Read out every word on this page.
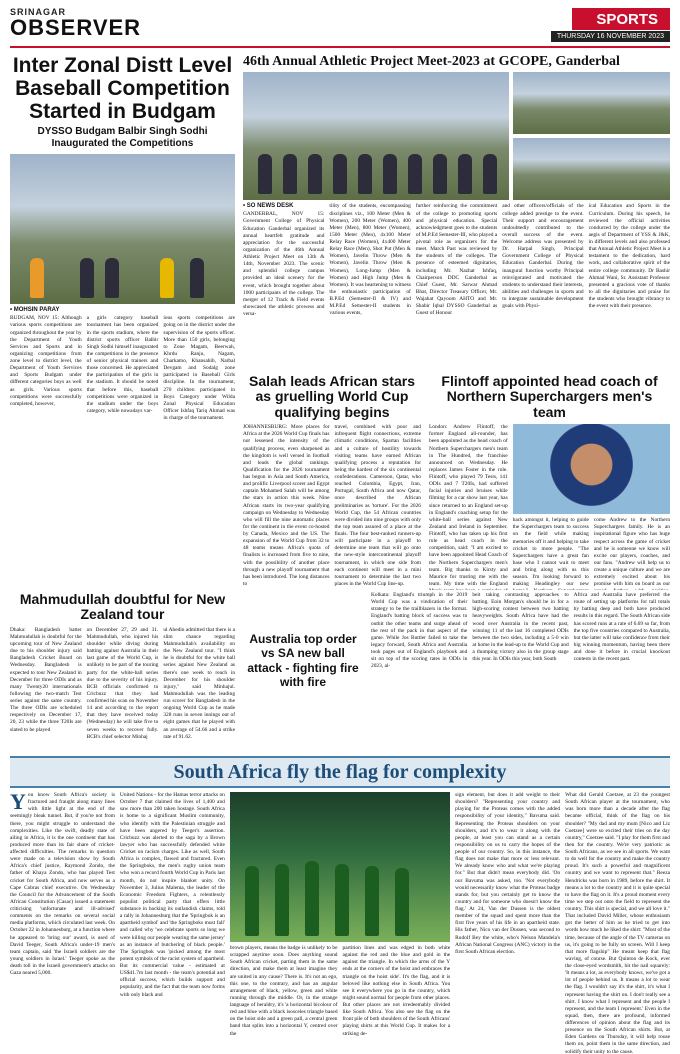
SRINAGAR
OBSERVER	SPORTS
THURSDAY 16 NOVEMBER 2023
Inter Zonal Distt Level Baseball Competition Started in Budgam
DYSSO Budgam Balbir Singh Sodhi Inaugurated the Competitions
• MOHSIN PARAY
BUDGAM, NOV 15: Although various sports competitions are organized throughout the year by the Department of Youth Services and Sports and in organizing competitions from zone level to district level, the Department of Youth Services and Sports Budgam under different categories boys as well as girls. Various sports competitions were successfully completed, however,
a girls category baseball tournament has been organized in the sports stadium, where the district sports officer Balbir Singh Sodhi himself inaugurated the competitions in the presence of senior physical trainers and those concerned. He appreciated the participation of the girls in the stadium. It should be noted that before this, baseball competitions were organized in the stadium under the boys category, while nowadays var-
ious sports competitions are going on in the district under the supervision of the sports officer. More than 150 girls, belonging to Zone Magam, Beerwah, Khrdu Ranju, Nagam, Charkamo, Khansahib, Narbal Devgam and Sodalg zone participated in Baseball Girls discipline. In the tournament, 270 children participated in Boys Category under Wilda Zonal Physical Education Officer Ishfaq Tariq Ahmad was in charge of the tournament.
46th Annual Athletic Project Meet-2023 at GCOPE, Ganderbal
• SO NEWS DESK
GANDERBAL, NOV 15: Government College of Physical Education Ganderbal organized its annual heartfelt gratitude and appreciation for the successful organization of the 46th Annual Athletic Project Meet on 13th & 14th, November 2023. The scenic and splendid college campus provided an ideal scenery for the event, which brought together about 1000 participants of the college. The merger of 12 Track & Field events showcased the athletic prowess and versa-
tility of the students, encompassing disciplines viz., 100 Meter (Men & Women), 200 Meter (Women), 400 Meter (Men), 800 Meter (Women), 1500 Meter (Men), 4x100 Meter Relay Race (Women), 4x400 Meter Relay Race (Men), Shot Put (Men & Women), Javelin Throw (Men & Women), Javelin Throw (Men & Women), Long-Jump (Men & Women) and High Jump (Men & Women). It was heartening to witness the enthusiastic participation of B.P.Ed (Semester-II & IV) and M.P.Ed Semester-II students in various events,
further reinforcing the commitment of the college to promoting sports and physical education. Special acknowledgment goes to the students of M.P.Ed Semester-III, who played a pivotal role as organizers for the meet. March Past was reviewed by the students of the colleges. The presence of esteemed dignitaries, including Mr. Nazhat Ishfaq, Chairperson DDC Ganderbal as Chief Guest, Mr. Sarwar Ahmad Bhat, Director Treasury Officer, Mr. Wajahat Qayoom AHTO and Mr. Shabir Iqbal DYSSO Ganderbal as Guest of Honour
and other officers/officials of the college added prestige to the event. Their support and encouragement undoubtedly contributed to the overall success of the event. Welcome address was presented by Dr. Harpal Singh, Principal Government College of Physical Education Ganderbal. During the inaugural function worthy Principal reinvigorated and motivated the students to understand their interests, abilities and challenges in sports and to integrate sustainable development goals with Physi-
ical Education and Sports in the Curriculum. During his speech, he reviewed the official activities conducted by the college under the aegis of Department of YSS & J&K, in different levels and also professed that Annual Athletic Project Meet is a testament to the dedication, hard work, and collaborative spirit of the entire college community. Dr Bashir Ahmad Wani, Sr. Assistant Professor presented a gracious vote of thanks to all the dignitaries and praise for the students who brought vibrancy to the event with their presence.
Salah leads African stars as gruelling World Cup qualifying begins
JOHANNESBURG: More places for Africa at the 2026 World Cup finals has not lessened the intensity of the qualifying process, even sharpened as the kingdom is well versed in football and leads the global rankings. Qualification for the 2026 tournament has begun in Asia and South America, and prolific Liverpool scorer and Egypt captain Mohamed Salah will be among the stars in action this week. Nine African starts its two-year qualifying campaign on Wednesday to Wednesday who will fill the nine automatic places for the continent in the event co-hosted by Canada, Mexico and the US. The expansion of the World Cup from 32 to 48 teams means Africa's quota of finalists is increased from five to nine, with the possibility of another place through a new playoff tournament that has been introduced. The long distances to
travel, combined with poor and infrequent flight connections, extreme climatic conditions, Spartan facilities and a culture of hostility towards visiting teams have earned African qualifying process a reputation for being the hardest of the six continental confederations. Cameroon, Qatar, who reached Colombia, Egypt, Iran, Portugal, South Africa and now Qatar, once described the African preliminaries as 'torture'. For the 2026 World Cup, the 54 African countries were divided into nine groups with only the top team assured of a place at the finals. The four best-ranked runners-up will participate in a playoff to determine one team that will go onto the new-style intercontinental playoff tournament, in which one side from each continent will meet in a mini tournament to determine the last two places in the World Cup line-up.
Flintoff appointed head coach of Northern Superchargers men's team
London: Andrew Flintoff, the former England all-rounder, has been appointed as the head coach of Northern Superchargers men's team in The Hundred, the franchise announced on Wednesday. He replaces James Foster in the role. Flintoff, who played 79 Tests, 141 ODIs and 7 T20Is, had suffered facial injuries and bruises while filming for a car show last year, has since returned to an England set-up in England's coaching setup for the white-ball series against New Zealand and Ireland in September. Flintoff, who has taken up his first role as head coach in the competition, said: "I am excited to have been appointed Head Coach of the Northern Superchargers men's team. Big thanks to Kirsty and Maurice for trusting me with the team. My time with the England
back amongst it, helping to guide the Superchargers team to success on the field while making memories off it and helping to take cricket to more people. "The Superchargers have a great fan base who I cannot wait to meet and bring along with us this season. I'm looking forward to making Headingley our new
come Andrew to the Northern Superchargers family. He is an inspirational figure who has huge respect across the game of cricket and he is someone we know will excite our players, coaches, and our fans. "Andrew will help us to create a unique culture and we are extremely excited about his promise with him on board as our
Mahmudullah doubtful for New Zealand tour
Dhaka: Bangladesh batter Mahmudullah is doubtful for the upcoming tour of New Zealand due to his shoulder injury said Bangladesh Cricket Board on Wednesday. Bangladesh is expected to tour New Zealand in December for three ODIs and as many Twenty20 internationals following the two-match Test series against the same country. The three ODIs are scheduled respectively on December 17, 20, 23 while the three T20Is are slated to be played
on December 27, 29 and 31. Mahmudullah, who injured his shoulder while diving during batting against Australia in their last game of the World Cup, is unlikely to be part of the touring party for the white-ball series due to the severity of his injury. BCB officials confirmed to Cricbuzz that they had confirmed his scan on November 14 and according to the report that they have received today (Wednesday) he will take five to seven weeks to recover fully. BCB's chief selector Minhaj
ul Abedin admitted that there is a slim chance regarding Mahmudullah's availability on the New Zealand tour. "I think he is doubtful for the white ball series against New Zealand as there's one week to reach in December for his shoulder injury," said Minhajul. Mahmudullah was the leading run scorer for Bangladesh in the ongoing World Cup as he made 328 runs in seven innings out of eight games that he played with an average of 54.66 and a strike rate of 91.62.
Australia top order vs SA new ball attack - fighting fire with fire
Kolkata: England's triumph in the 2019 World Cup was a vindication of their strategy to be the trailblazers in the format. England's batting block of success was to outhit the other teams and surge ahead of the rest of the pack in that aspect of the game. While Jos Buttler failed to take the legacy forward, South Africa and Australia took pages out of England's playbook and sit on top of the scoring rates in ODIs in 2023, al-
beit taking contrasting approaches to batting. Eoin Morgan's should be in for a high-scoring contest between two batting heavyweights. South Africa have had the wood over Australia in the recent past, winning 11 of the last 16 completed ODIs between the two sides, including a 5-0 win at home in the lead-up to the World Cup and a thumping victory also in the group stage this year. In ODIs this year, both South
Africa and Australia have preferred the route of setting up platforms for tall totals by batting deep and both have produced results in this regard. The South African side has scored runs at a rate of 6.69 so far, from the top five countries compared to Australia, but the latter will take confidence from their big winning momentum, having been there and done it before in crucial knockout contests in the recent past.
South Africa fly the flag for complexity
Y ou know South Africa's society is fractured and fraught along many lines with little light at the end of the seemingly bleak tunnel. But, if you're not from there, you might struggle to understand the complexities. Like the swift, deadly state of ailing in Africa, it is the one continent that has produced more than its fair share of cricket-affected difficulties. The remarks in question were made on a television show by South Africa's chief justice, Raymond Zondo, the father of Khaya Zondo, who has played Test cricket for South Africa, and now serves as a Cape Cobras chief executive. On Wednesday the Council for the Advancement of the South African Constitution (Casac) issued a statement criticising 'unfortunate and ill-advised' comments on the remarks on several social media platforms, which circulated last week. On October 22 in Johannesburg, at a function where he appeared to 'bring our' award, is used of David Teeger, South Africa's under-19 men's team captain, said 'the Israeli soldiers are the young soldiers in Israel.' Teeger spoke as the death toll in the Israeli government's attacks on Gaza neared 5,000.
United Nations - for the Hamas terror attacks on October 7 that claimed the lives of 1,400 and saw more than 200 taken hostage. South Africa is home to a significant Muslim community, who identify with the Palestinian struggle and have been angered by Teeger's assertion. Cricbuzz was alerted to the saga by a Brown lawyer who has successfully defended white Cricket on racism charges. Like as well, South Africa is complex, flawed and fractured. Even the Springboks, the men's rugby union team who won a record fourth World Cup in Paris last month, do not inspire blanket unity. On November 3, Julius Malema, the leader of the Economic Freedom Fighters, a relentlessly populist political party that offers little substance in backing its outlandish claims, told a rally in Johannesburg that the 'Springbok is an apartheid symbol' and 'the Springboks must fall' and called why 'we celebrate sports so long we were killing our people wearing the same jersey' as an instance of butchering of black people.' The Springbok was 'picked among the most potent symbols of the racist system of apartheid. But its commercial value - estimated at US$41.7m last month - the team's potential and official success, which builds support and popularity, and the fact that the team now forms with only black and
brown players, means the badge is unlikely to be scrapped anytime soon. Does anything sound South African cricket, parting them in the same direction, and make them at least imagine they are united in any cause? There is. It's not an ego, this one, to the contrary, and has an angular arrangement of black, yellow, green and white running through the middle. Or, in the strange language of heraldry, it's 'a horizontal bicolour of red and blue with a black isosceles triangle based on the hoist side and a green pall, a central green band that splits into a horizontal Y, centred over the
partition lines and was edged in both white against the red and the blue and gold in the against the triangle. In which the arms of the Y ends at the corners of the hoist and embraces the triangle on the hoist side'. It's the flag, and it is beloved like nothing else in South Africa. You see it everywhere you go in the country, which might sound normal for people from other places. But other places are not irredeemably divided like South Africa. You also see the flag on the front pile of both shoulders of the South Africans' playing shirts at this World Cup. It makes for a striking de-
sign element, but does it add weight to their shoulders? "Representing your country and playing for the Proteas comes with the added responsibility of your identity," Bavuma said. Representing the Proteas shoulders on your shoulders, and it's to wear it along with the people, at least you can stand as a certain responsibility on us to carry the hopes of the people of our country. So, in this instance, the flag does not make that more or less relevant. We already know who and what we're playing for." But that didn't mean everybody did. 'On our Bavuma was asked, too. 'Not everybody would necessarily know what the Proteas badge stands for, but you certainly get to know the country and for someone who doesn't know the flag.' At 24, Van der Dussen is the oldest member of the squad and spent more than the first five years of his life in an apartheid state. His father, Nico van der Dussen, was second to Rudolf Bey the white, who's Nelson Mandela's African National Congress (ANC) victory in the first South African election.
What did Gerald Coetzee, at 23 the youngest South African player at the tournament, who was born more than a decade after the flag became official, think of the flag on his shoulder? "My dad and my mum [Nico and Liz Coetzee] were so excited their tries on the day country," Coetzee said. "I play for them first and then for the country. We're very patriotic as South Africans, as we see in all sports. We want to do well for the country and make the country proud. It's such a powerful and magnificent country and we want to represent that." Reeza Hendricks was born in 1989, before the shirt. It means a lot to the country and it is quite special to have the flag on it. It's a proud moment every time we step out onto the field to represent the country. This shirt is special, and we all love it." That included David Miller, whose enthusiasm got the better of him as he tried to get into words how much he liked the shirt: "Most of the time, because of the angle of the TV cameras on us, it's going to be fully on screen. Will I keep that more flagship" He meant keep that flag waving, of course. But Quinton de Kock, ever the close-eyed wordsmith, hit the nail squarely: 'It means a lot, as everybody knows, we've got a lot of people behind us. It means a lot to wear the flag. I wouldn't say it's the shirt, it's what I represent having the shirt on. I don't really see a shirt. I know what I represent and the people I represent, and the team I represent.' Even in the squad, then, there are profound, informed differences of opinion about the flag and its presence on the South African shirts. But, at Eden Gardens on Thursday, it will help rouse them on, point them in the same direction, and solidify their unity to the cause.
